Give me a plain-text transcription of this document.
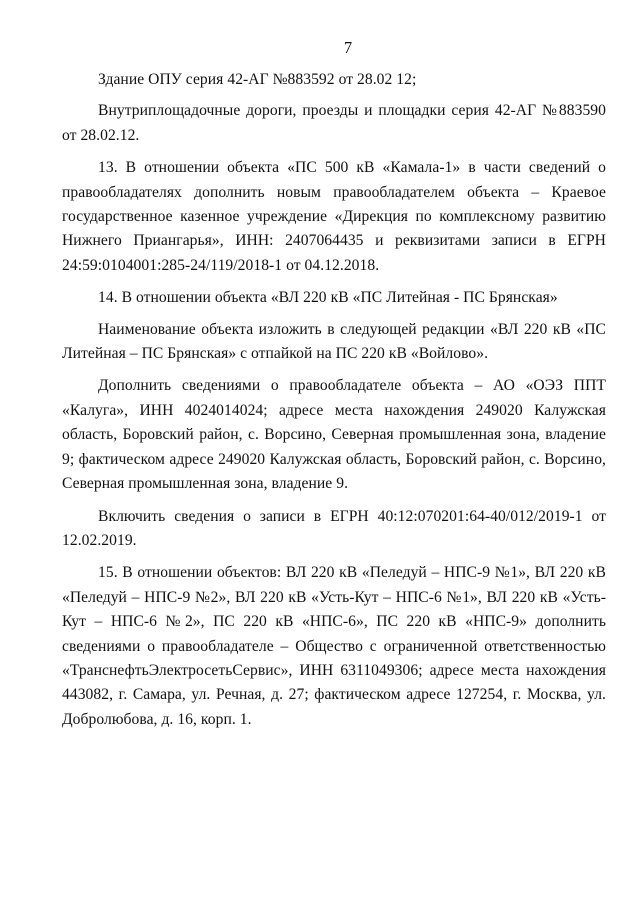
7

Здание ОПУ серия 42-АГ №883592 от 28.02 12;

Внутриплощадочные дороги, проезды и площадки серия 42-АГ №883590 от 28.02.12.

13. В отношении объекта «ПС 500 кВ «Камала-1» в части сведений о правообладателях дополнить новым правообладателем объекта – Краевое государственное казенное учреждение «Дирекция по комплексному развитию Нижнего Приангарья», ИНН: 2407064435 и реквизитами записи в ЕГРН 24:59:0104001:285-24/119/2018-1 от 04.12.2018.

14. В отношении объекта «ВЛ 220 кВ «ПС Литейная - ПС Брянская»

Наименование объекта изложить в следующей редакции «ВЛ 220 кВ «ПС Литейная – ПС Брянская» с отпайкой на ПС 220 кВ «Войлово».

Дополнить сведениями о правообладателе объекта – АО «ОЭЗ ППТ «Калуга», ИНН 4024014024; адресе места нахождения 249020 Калужская область, Боровский район, с. Ворсино, Северная промышленная зона, владение 9; фактическом адресе 249020 Калужская область, Боровский район, с. Ворсино, Северная промышленная зона, владение 9.

Включить сведения о записи в ЕГРН 40:12:070201:64-40/012/2019-1 от 12.02.2019.

15. В отношении объектов: ВЛ 220 кВ «Пеледуй – НПС-9 №1», ВЛ 220 кВ «Пеледуй – НПС-9 №2», ВЛ 220 кВ «Усть-Кут – НПС-6 №1», ВЛ 220 кВ «Усть-Кут – НПС-6 №2», ПС 220 кВ «НПС-6», ПС 220 кВ «НПС-9» дополнить сведениями о правообладателе – Общество с ограниченной ответственностью «ТранснефтьЭлектросетьСервис», ИНН 6311049306; адресе места нахождения 443082, г. Самара, ул. Речная, д. 27; фактическом адресе 127254, г. Москва, ул. Добролюбова, д. 16, корп. 1.
